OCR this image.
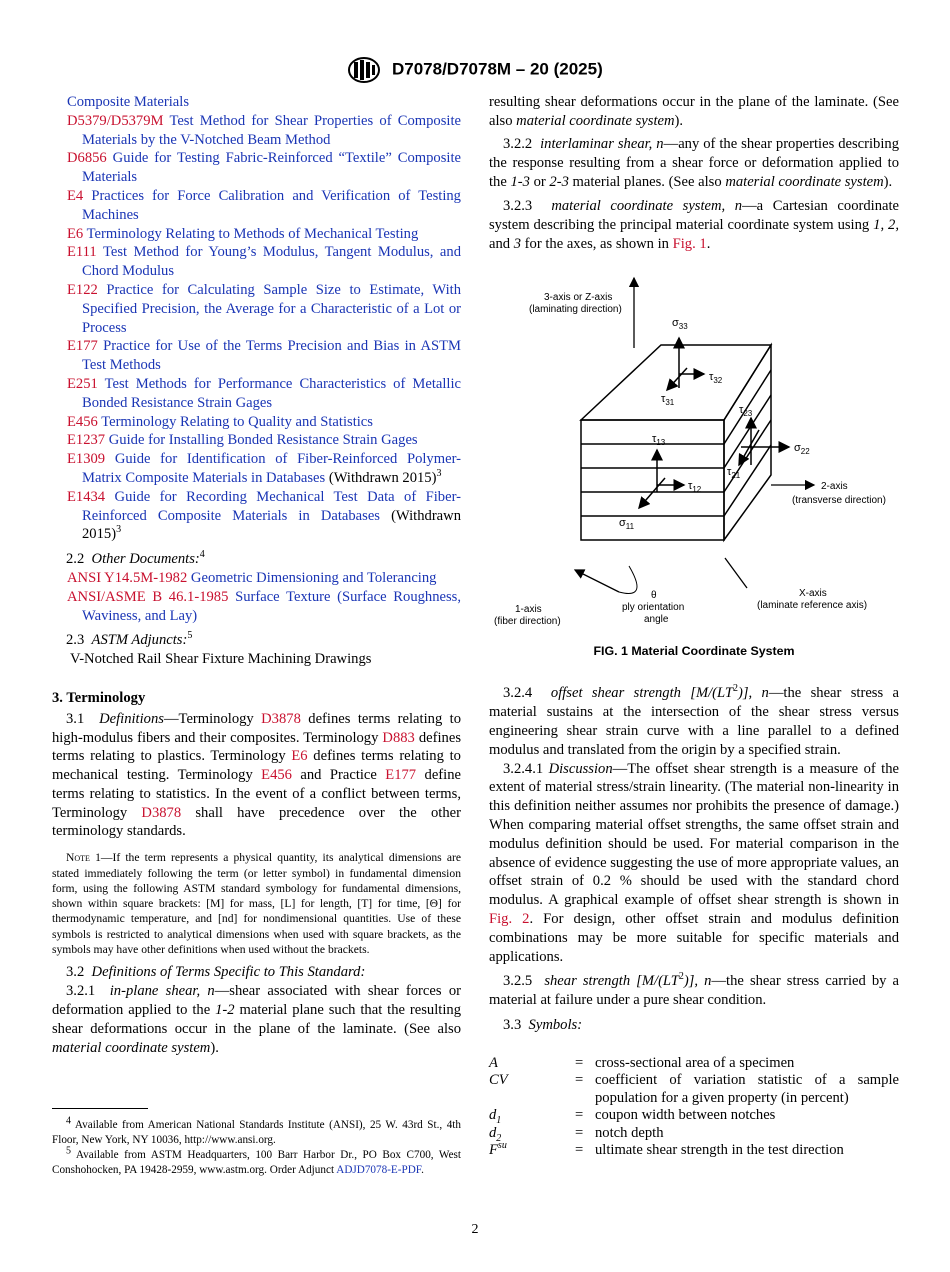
D7078/D7078M – 20 (2025)

Composite Materials

D5379/D5379M Test Method for Shear Properties of Composite Materials by the V-Notched Beam Method

D6856 Guide for Testing Fabric-Reinforced “Textile” Composite Materials

E4 Practices for Force Calibration and Verification of Testing Machines

E6 Terminology Relating to Methods of Mechanical Testing

E111 Test Method for Young’s Modulus, Tangent Modulus, and Chord Modulus

E122 Practice for Calculating Sample Size to Estimate, With Specified Precision, the Average for a Characteristic of a Lot or Process

E177 Practice for Use of the Terms Precision and Bias in ASTM Test Methods

E251 Test Methods for Performance Characteristics of Metallic Bonded Resistance Strain Gages

E456 Terminology Relating to Quality and Statistics

E1237 Guide for Installing Bonded Resistance Strain Gages

E1309 Guide for Identification of Fiber-Reinforced Polymer-Matrix Composite Materials in Databases (Withdrawn 2015)$^3$

E1434 Guide for Recording Mechanical Test Data of Fiber-Reinforced Composite Materials in Databases (Withdrawn 2015)$^3$

2.2 Other Documents:$^4$

ANSI Y14.5M-1982 Geometric Dimensioning and Tolerancing

ANSI/ASME B 46.1-1985 Surface Texture (Surface Roughness, Waviness, and Lay)

2.3 ASTM Adjuncts:$^5$

V-Notched Rail Shear Fixture Machining Drawings

3. Terminology

3.1 Definitions—Terminology D3878 defines terms relating to high-modulus fibers and their composites. Terminology D883 defines terms relating to plastics. Terminology E6 defines terms relating to mechanical testing. Terminology E456 and Practice E177 define terms relating to statistics. In the event of a conflict between terms, Terminology D3878 shall have precedence over the other terminology standards.

Note 1—If the term represents a physical quantity, its analytical dimensions are stated immediately following the term (or letter symbol) in fundamental dimension form, using the following ASTM standard symbology for fundamental dimensions, shown within square brackets: [M] for mass, [L] for length, [T] for time, [Θ] for thermodynamic temperature, and [nd] for nondimensional quantities. Use of these symbols is restricted to analytical dimensions when used with square brackets, as the symbols may have other definitions when used without the brackets.

3.2 Definitions of Terms Specific to This Standard:

3.2.1 in-plane shear, n—shear associated with shear forces or deformation applied to the 1-2 material plane such that the resulting shear deformations occur in the plane of the laminate. (See also material coordinate system).

$^4$ Available from American National Standards Institute (ANSI), 25 W. 43rd St., 4th Floor, New York, NY 10036, http://www.ansi.org.

$^5$ Available from ASTM Headquarters, 100 Barr Harbor Dr., PO Box C700, West Conshohocken, PA 19428-2959, www.astm.org. Order Adjunct ADJD7078-E-PDF.

3.2.2 interlaminar shear, n—any of the shear properties describing the response resulting from a shear force or deformation applied to the 1-3 or 2-3 material planes. (See also material coordinate system).

3.2.3 material coordinate system, n—a Cartesian coordinate system describing the principal material coordinate system using 1, 2, and 3 for the axes, as shown in Fig. 1.

3-axis or Z-axis
(laminating direction)
$\sigma_{33}$
$\tau_{32}$
$\tau_{31}$
$\tau_{23}$
$\sigma_{22}$
$\tau_{21}$
$\tau_{13}$
$\tau_{12}$
$\sigma_{11}$
2-axis
(transverse direction)
1-axis
(fiber direction)
θ
ply orientation
angle
X-axis
(laminate reference axis)

FIG. 1 Material Coordinate System

3.2.4 offset shear strength $[M/(LT^2)]$, n—the shear stress a material sustains at the intersection of the shear stress versus engineering shear strain curve with a line parallel to a defined modulus and translated from the origin by a specified strain.

3.2.4.1 Discussion—The offset shear strength is a measure of the extent of material stress/strain linearity. (The material non-linearity in this definition neither assumes nor prohibits the presence of damage.) When comparing material offset strengths, the same offset strain and modulus definition should be used. For material comparison in the absence of evidence suggesting the use of more appropriate values, an offset strain of 0.2 % should be used with the standard chord modulus. A graphical example of offset shear strength is shown in Fig. 2. For design, other offset strain and modulus definition combinations may be more suitable for specific materials and applications.

3.2.5 shear strength $[M/(LT^2)]$, n—the shear stress carried by a material at failure under a pure shear condition.

3.3 Symbols:

A	=	cross-sectional area of a specimen
CV	=	coefficient of variation statistic of a sample population for a given property (in percent)
$d_1$	=	coupon width between notches
$d_2$	=	notch depth
$F^{su}$	=	ultimate shear strength in the test direction

resulting shear deformations occur in the plane of the laminate. (See also material coordinate system).

2
